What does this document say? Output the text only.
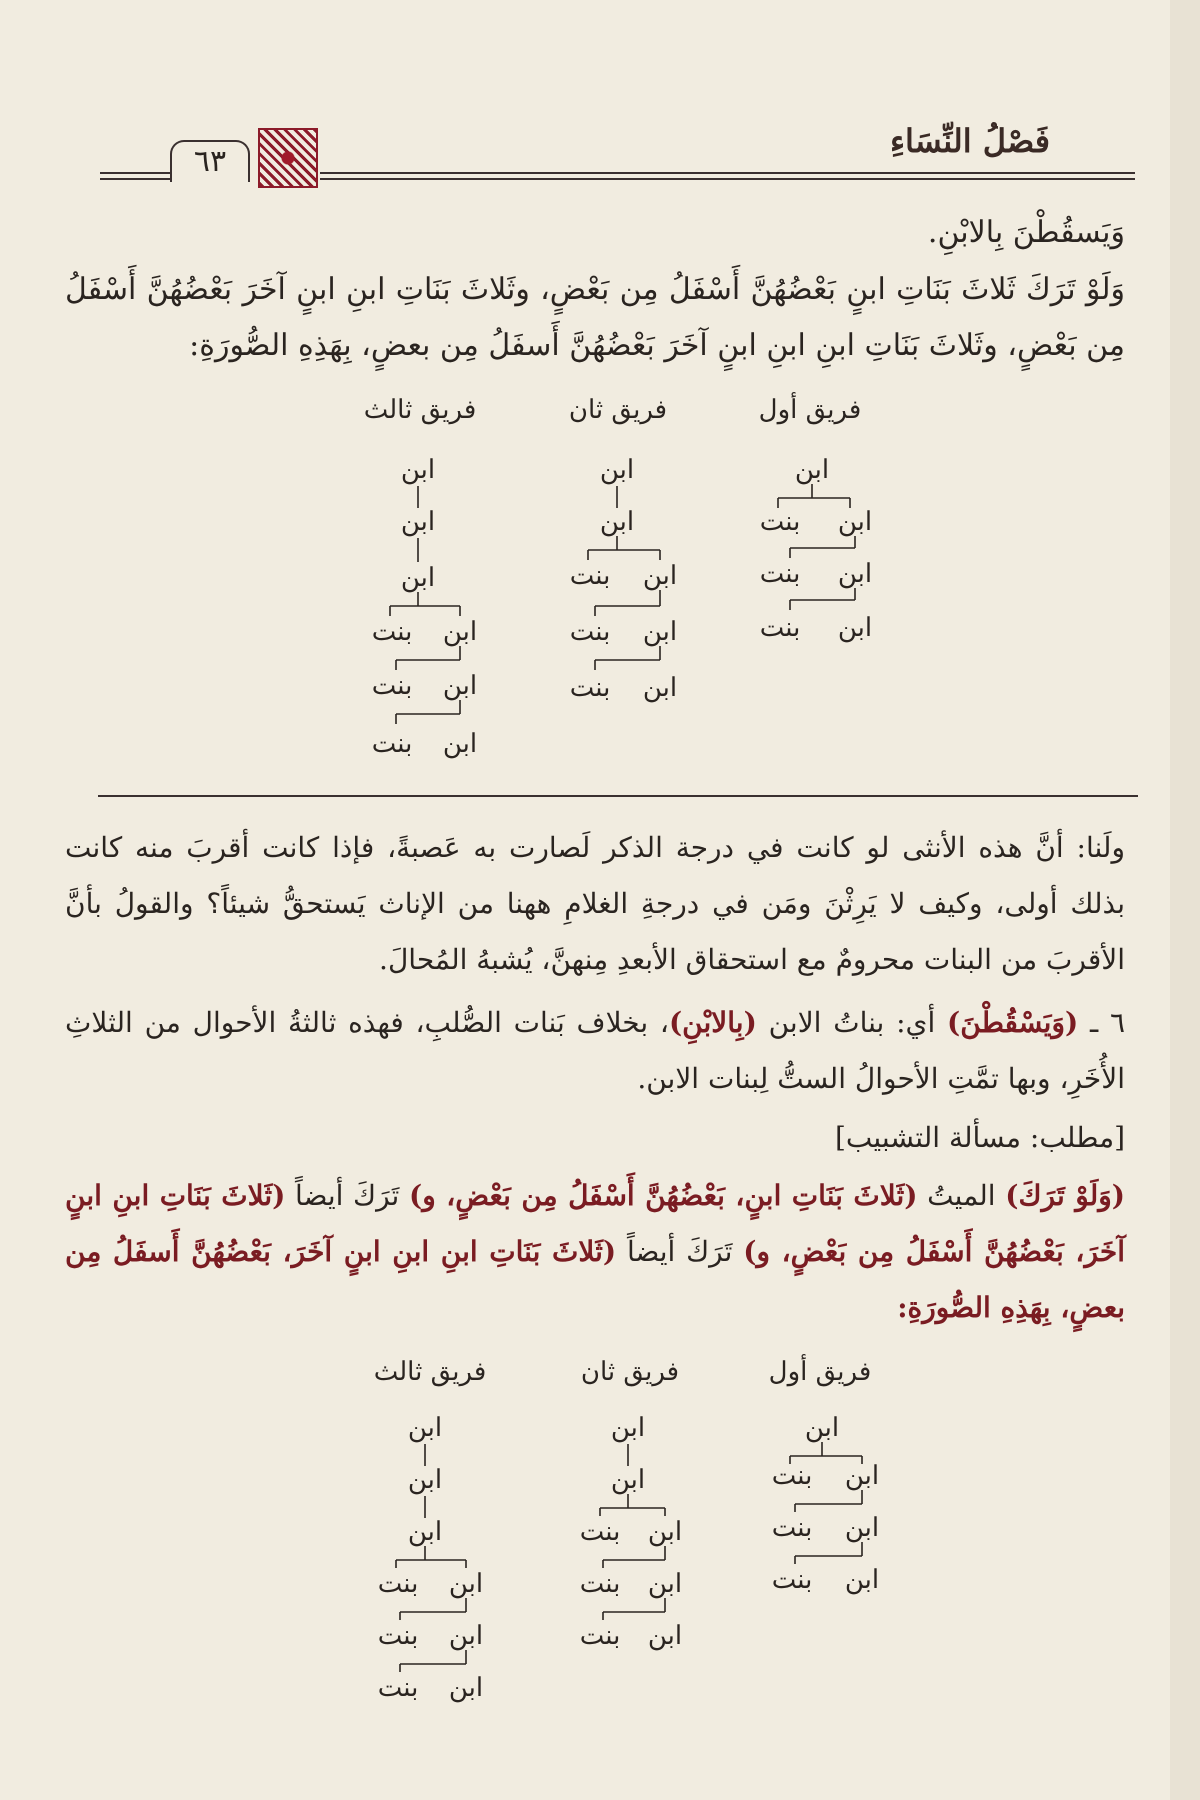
فَصْلُ النِّسَاءِ
٦٣
وَيَسقُطْنَ بِالابْنِ.
وَلَوْ تَرَكَ ثَلاثَ بَنَاتِ ابنٍ بَعْضُهُنَّ أَسْفَلُ مِن بَعْضٍ، وثَلاثَ بَنَاتِ ابنِ ابنٍ آخَرَ بَعْضُهُنَّ أَسْفَلُ مِن بَعْضٍ، وثَلاثَ بَنَاتِ ابنِ ابنِ ابنٍ آخَرَ بَعْضُهُنَّ أَسفَلُ مِن بعضٍ، بِهَذِهِ الصُّورَةِ:
فريق أول
فريق ثان
فريق ثالث
ابن
بنت ابن
بنت ابن
بنت ابن
ابن
ابن
بنت ابن
بنت ابن
بنت ابن
ابن
ابن
ابن
بنت ابن
بنت ابن
بنت ابن
فريق أول
فريق ثان
فريق ثالث
ابن
بنت ابن
بنت ابن
بنت ابن
ابن
ابن
بنت ابن
بنت ابن
بنت ابن
ابن
ابن
ابن
بنت ابن
بنت ابن
بنت ابن
ولَنا: أنَّ هذه الأنثى لو كانت في درجة الذكر لَصارت به عَصبةً، فإذا كانت أقربَ منه كانت بذلك أولى، وكيف لا يَرِثْنَ ومَن في درجةِ الغلامِ ههنا من الإناث يَستحقُّ شيئاً؟ والقولُ بأنَّ الأقربَ من البنات محرومٌ مع استحقاق الأبعدِ مِنهنَّ، يُشبهُ المُحالَ.
٦ ـ (وَيَسْقُطْنَ) أي: بناتُ الابن (بِالابْنِ)، بخلاف بَنات الصُّلبِ، فهذه ثالثةُ الأحوال من الثلاثِ الأُخَرِ، وبها تمَّتِ الأحوالُ الستُّ لِبنات الابن.
[مطلب: مسألة التشبيب]
(وَلَوْ تَرَكَ) الميتُ (ثَلاثَ بَنَاتِ ابنٍ، بَعْضُهُنَّ أَسْفَلُ مِن بَعْضٍ، و) تَرَكَ أيضاً (ثَلاثَ بَنَاتِ ابنِ ابنٍ آخَرَ، بَعْضُهُنَّ أَسْفَلُ مِن بَعْضٍ، و) تَرَكَ أيضاً (ثَلاثَ بَنَاتِ ابنِ ابنِ ابنٍ آخَرَ، بَعْضُهُنَّ أَسفَلُ مِن بعضٍ، بِهَذِهِ الصُّورَةِ:
